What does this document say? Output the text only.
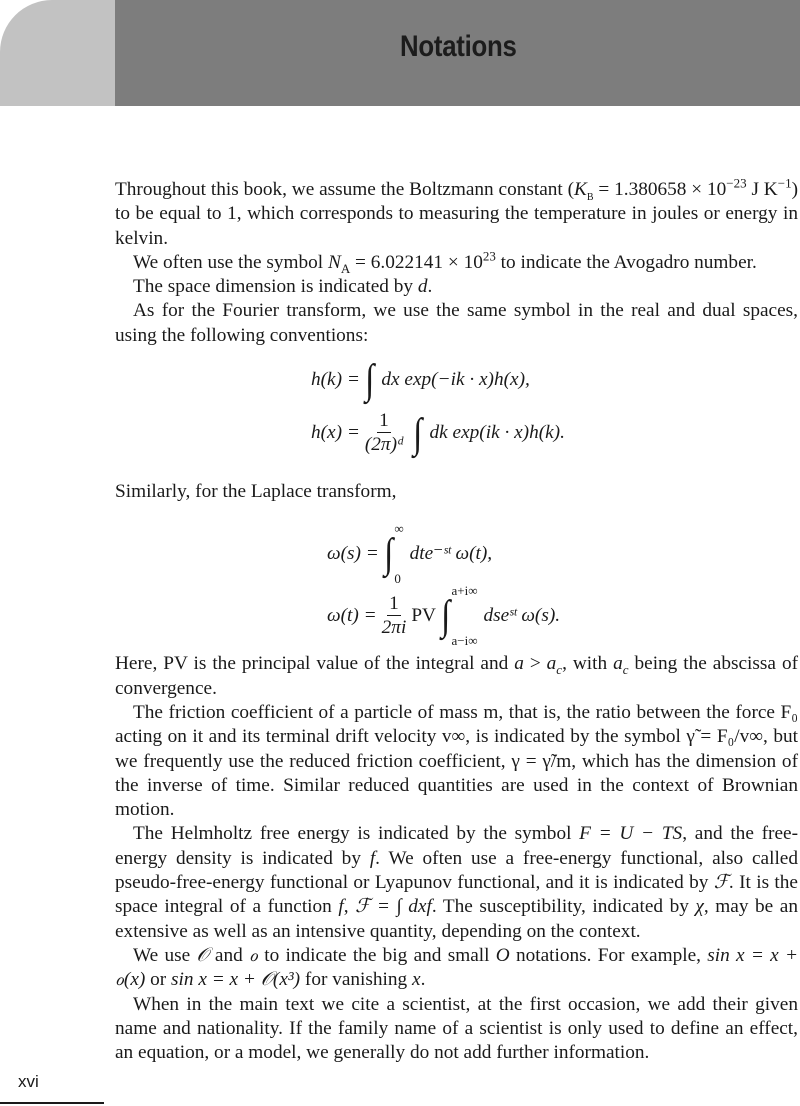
Notations

Throughout this book, we assume the Boltzmann constant ($K_B = 1.380658 \times 10^{-23}$ J $K^{-1}$) to be equal to 1, which corresponds to measuring the temperature in joules or energy in kelvin.

We often use the symbol $N_A = 6.022141 \times 10^{23}$ to indicate the Avogadro number.

The space dimension is indicated by d.

As for the Fourier transform, we use the same symbol in the real and dual spaces, using the following conventions:

h(k) = ∫ dx exp(−ik · x)h(x),
$h(x) = \frac{1}{\text{(2π)ᵈ}}$ ∫ dk exp(ik · x)h(k).

Similarly, for the Laplace transform,

ω(s) = ∫
∞
0
dte⁻ˢᵗ ω(t),
$\omega(t) = \frac{1}{2\pi i}$ PV ∫
a+i∞
a−i∞
dseˢᵗ ω(s).

Here, PV is the principal value of the integral and $a > a_c$, with $a_c$ being the abscissa of convergence.

The friction coefficient of a particle of mass m, that is, the ratio between the force F₀ acting on it and its terminal drift velocity v∞, is indicated by the symbol γ̃ = F₀/v∞, but we frequently use the reduced friction coefficient, γ = γ̃/m, which has the dimension of the inverse of time. Similar reduced quantities are used in the context of Brownian motion.

The Helmholtz free energy is indicated by the symbol F = U − TS, and the free-energy density is indicated by f. We often use a free-energy functional, also called pseudo-free-energy functional or Lyapunov functional, and it is indicated by ℱ. It is the space integral of a function f, ℱ = ∫ dxf. The susceptibility, indicated by χ, may be an extensive as well as an intensive quantity, depending on the context.

We use 𝒪 and ℴ to indicate the big and small O notations. For example, sin x = x + ℴ(x) or sin x = x + 𝒪(x³) for vanishing x.

When in the main text we cite a scientist, at the first occasion, we add their given name and nationality. If the family name of a scientist is only used to define an effect, an equation, or a model, we generally do not add further information.

xvi
